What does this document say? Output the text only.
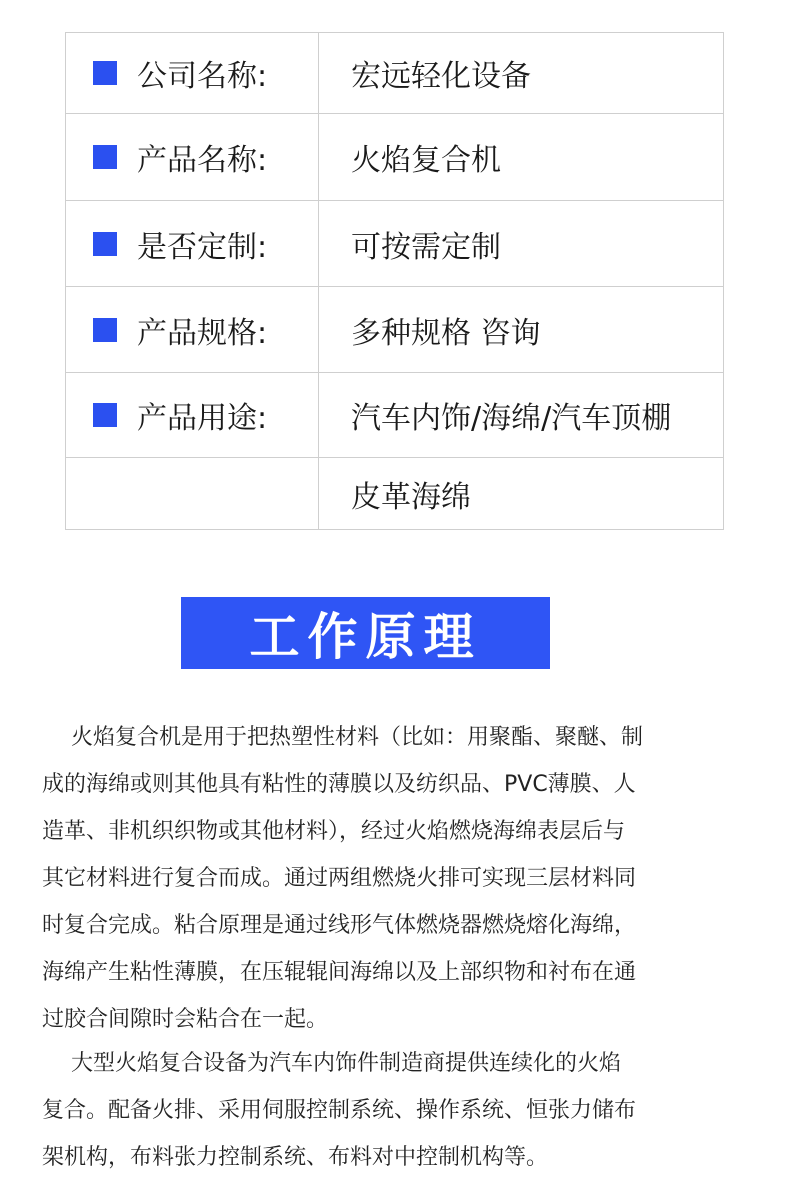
公司名称:	宏远轻化设备

产品名称:	火焰复合机

是否定制:	可按需定制

产品规格:	多种规格 咨询

产品用途:	汽车内饰/海绵/汽车顶棚

	皮革海绵
工作原理

　 火焰复合机是用于把热塑性材料（比如：用聚酯、聚醚、制
成的海绵或则其他具有粘性的薄膜以及纺织品、PVC薄膜、人
造革、非机织织物或其他材料），经过火焰燃烧海绵表层后与
其它材料进行复合而成。通过两组燃烧火排可实现三层材料同
时复合完成。粘合原理是通过线形气体燃烧器燃烧熔化海绵，
海绵产生粘性薄膜，在压辊辊间海绵以及上部织物和衬布在通
过胶合间隙时会粘合在一起。

　 大型火焰复合设备为汽车内饰件制造商提供连续化的火焰
复合。配备火排、采用伺服控制系统、操作系统、恒张力储布
架机构，布料张力控制系统、布料对中控制机构等。
